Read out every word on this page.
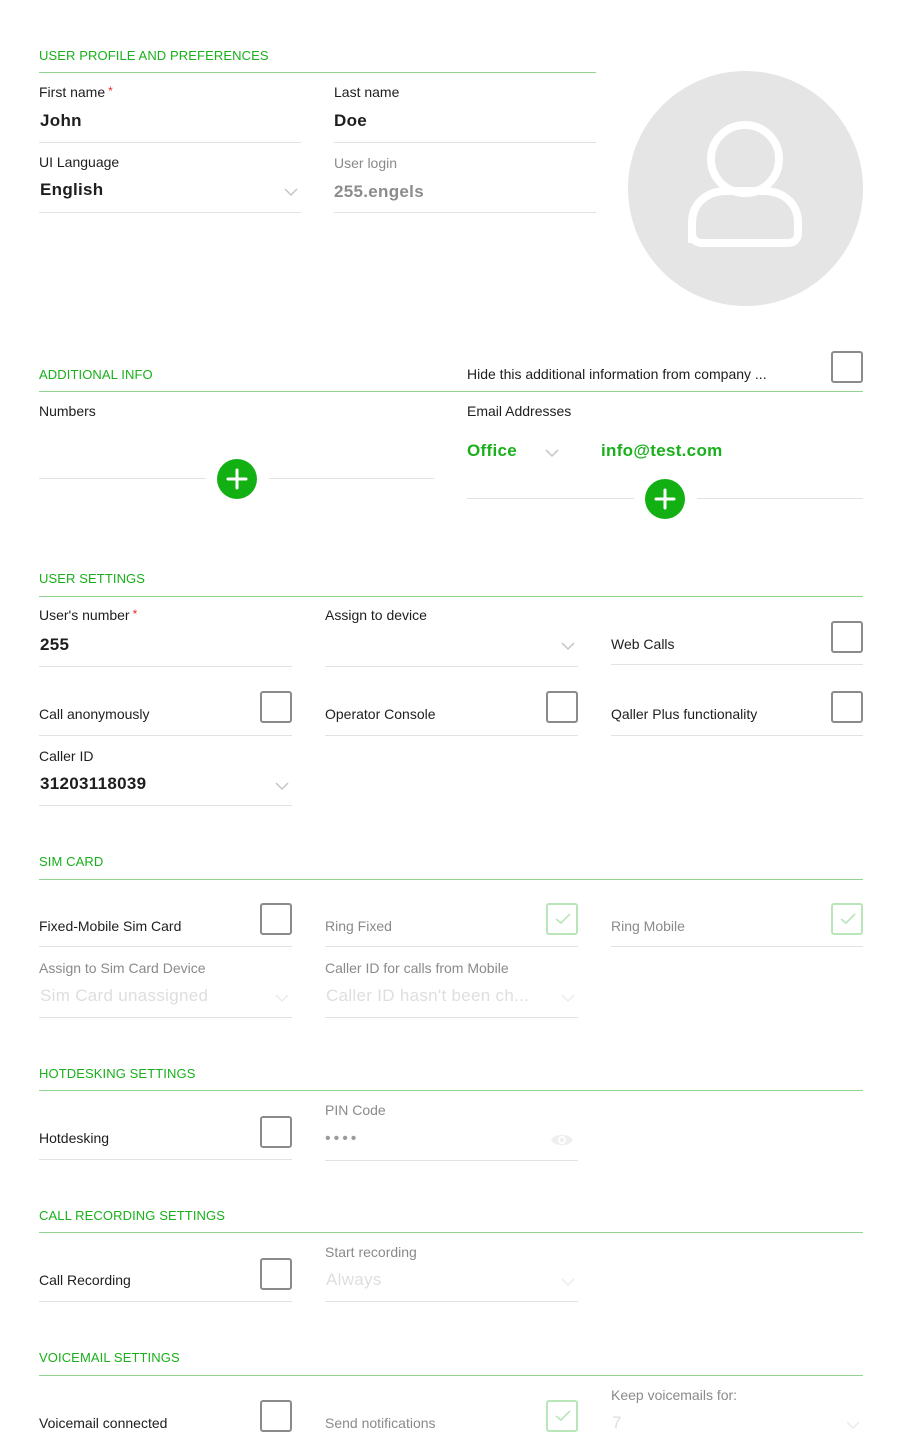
USER PROFILE AND PREFERENCES
First name *
John
Last name
Doe
UI Language
English
User login
255.engels
ADDITIONAL INFO	Hide this additional information from company ...
Numbers	Email Addresses
Office	info@test.com
USER SETTINGS
User's number *
255
Assign to device
Web Calls
Call anonymously	Operator Console	Qaller Plus functionality
Caller ID
31203118039
SIM CARD
Fixed-Mobile Sim Card	Ring Fixed	Ring Mobile
Assign to Sim Card Device
Sim Card unassigned
Caller ID for calls from Mobile
Caller ID hasn't been ch...
HOTDESKING SETTINGS
Hotdesking
PIN Code
••••
CALL RECORDING SETTINGS
Call Recording
Start recording
Always
VOICEMAIL SETTINGS
Voicemail connected	Send notifications
Keep voicemails for:
7
